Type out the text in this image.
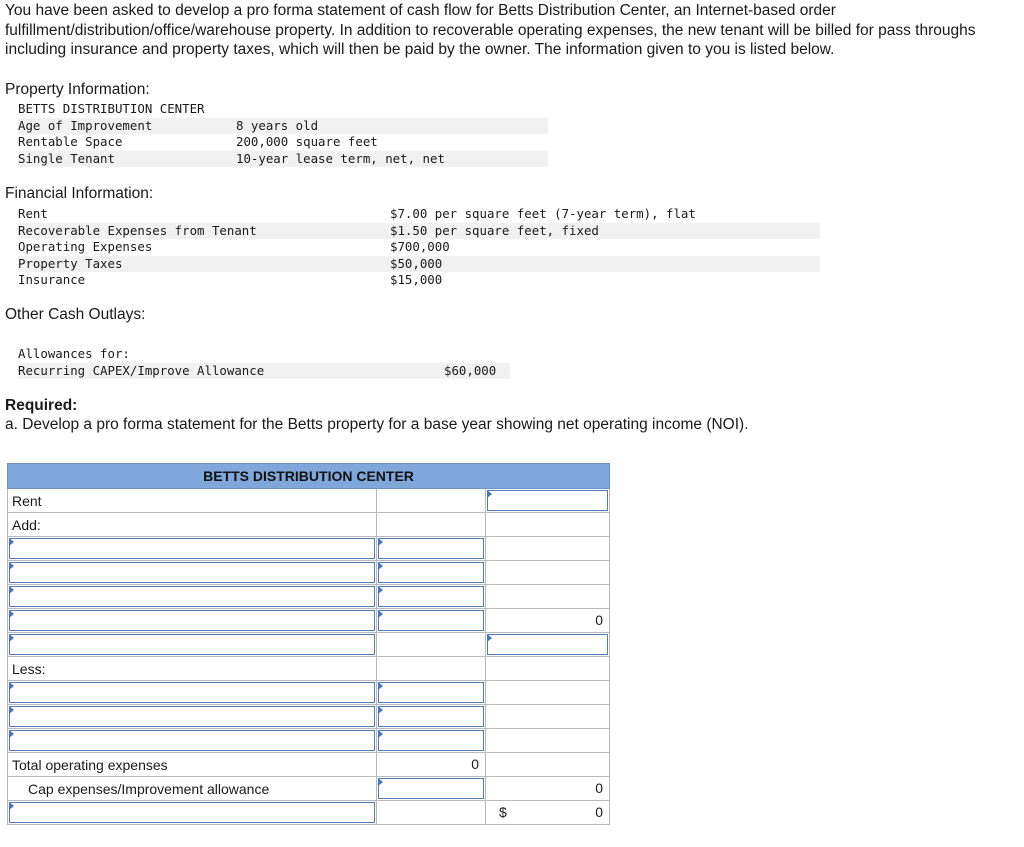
You have been asked to develop a pro forma statement of cash flow for Betts Distribution Center, an Internet-based order fulfillment/distribution/office/warehouse property. In addition to recoverable operating expenses, the new tenant will be billed for pass throughs including insurance and property taxes, which will then be paid by the owner. The information given to you is listed below.
Property Information:
BETTS DISTRIBUTION CENTER
Age of Improvement	8 years old
Rentable Space	200,000 square feet
Single Tenant	10-year lease term, net, net
Financial Information:
Rent	$7.00 per square feet (7-year term), flat
Recoverable Expenses from Tenant	$1.50 per square feet, fixed
Operating Expenses	$700,000
Property Taxes	$50,000
Insurance	$15,000
Other Cash Outlays:
Allowances for:
Recurring CAPEX/Improve Allowance	$60,000
Required:
a. Develop a pro forma statement for the Betts property for a base year showing net operating income (NOI).
BETTS DISTRIBUTION CENTER		
Rent		

Add:		

		0

Less:		

Total operating expenses	0	

Cap expenses/Improvement allowance		0

		$ 0
